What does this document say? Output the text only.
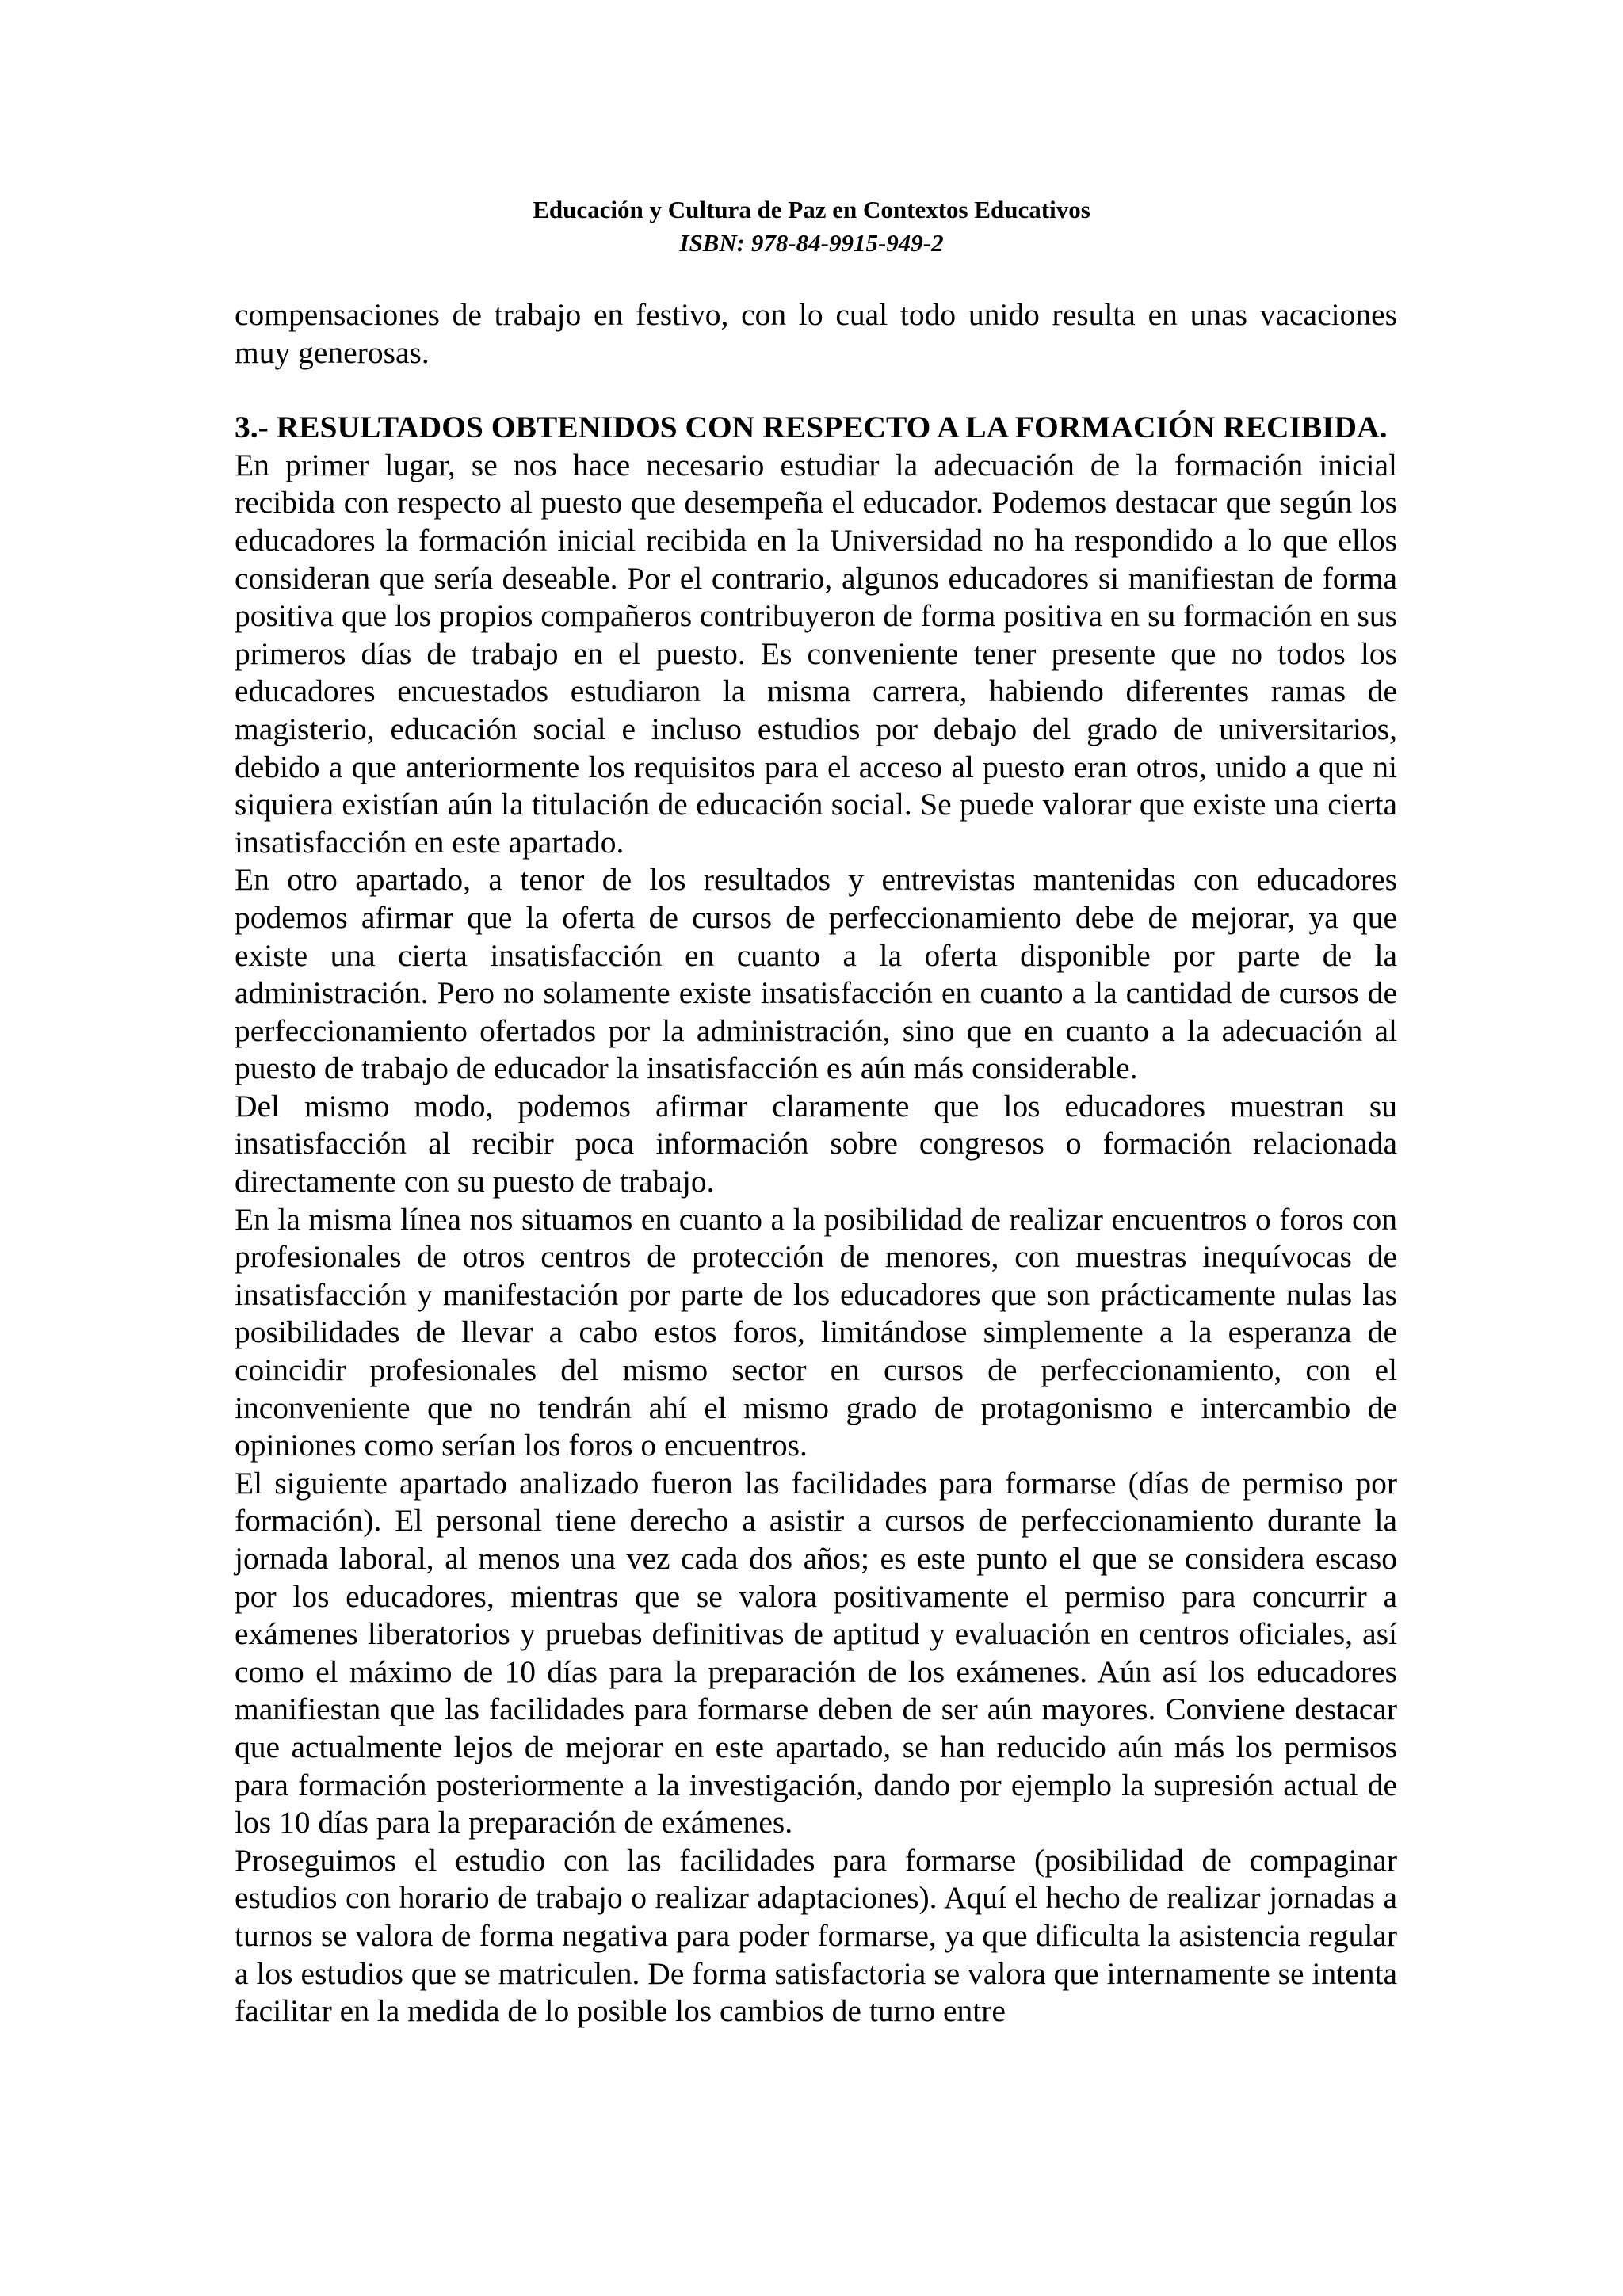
Educación y Cultura de Paz en Contextos Educativos
ISBN: 978-84-9915-949-2

compensaciones de trabajo en festivo, con lo cual todo unido resulta en unas vacaciones muy generosas.

3.- RESULTADOS OBTENIDOS CON RESPECTO A LA FORMACIÓN RECIBIDA.

En primer lugar, se nos hace necesario estudiar la adecuación de la formación inicial recibida con respecto al puesto que desempeña el educador. Podemos destacar que según los educadores la formación inicial recibida en la Universidad no ha respondido a lo que ellos consideran que sería deseable. Por el contrario, algunos educadores si manifiestan de forma positiva que los propios compañeros contribuyeron de forma positiva en su formación en sus primeros días de trabajo en el puesto. Es conveniente tener presente que no todos los educadores encuestados estudiaron la misma carrera, habiendo diferentes ramas de magisterio, educación social e incluso estudios por debajo del grado de universitarios, debido a que anteriormente los requisitos para el acceso al puesto eran otros, unido a que ni siquiera existían aún la titulación de educación social. Se puede valorar que existe una cierta insatisfacción en este apartado.

En otro apartado, a tenor de los resultados y entrevistas mantenidas con educadores podemos afirmar que la oferta de cursos de perfeccionamiento debe de mejorar, ya que existe una cierta insatisfacción en cuanto a la oferta disponible por parte de la administración. Pero no solamente existe insatisfacción en cuanto a la cantidad de cursos de perfeccionamiento ofertados por la administración, sino que en cuanto a la adecuación al puesto de trabajo de educador la insatisfacción es aún más considerable.

Del mismo modo, podemos afirmar claramente que los educadores muestran su insatisfacción al recibir poca información sobre congresos o formación relacionada directamente con su puesto de trabajo.

En la misma línea nos situamos en cuanto a la posibilidad de realizar encuentros o foros con profesionales de otros centros de protección de menores, con muestras inequívocas de insatisfacción y manifestación por parte de los educadores que son prácticamente nulas las posibilidades de llevar a cabo estos foros, limitándose simplemente a la esperanza de coincidir profesionales del mismo sector en cursos de perfeccionamiento, con el inconveniente que no tendrán ahí el mismo grado de protagonismo e intercambio de opiniones como serían los foros o encuentros.

El siguiente apartado analizado fueron las facilidades para formarse (días de permiso por formación). El personal tiene derecho a asistir a cursos de perfeccionamiento durante la jornada laboral, al menos una vez cada dos años; es este punto el que se considera escaso por los educadores, mientras que se valora positivamente el permiso para concurrir a exámenes liberatorios y pruebas definitivas de aptitud y evaluación en centros oficiales, así como el máximo de 10 días para la preparación de los exámenes. Aún así los educadores manifiestan que las facilidades para formarse deben de ser aún mayores. Conviene destacar que actualmente lejos de mejorar en este apartado, se han reducido aún más los permisos para formación posteriormente a la investigación, dando por ejemplo la supresión actual de los 10 días para la preparación de exámenes.

Proseguimos el estudio con las facilidades para formarse (posibilidad de compaginar estudios con horario de trabajo o realizar adaptaciones). Aquí el hecho de realizar jornadas a turnos se valora de forma negativa para poder formarse, ya que dificulta la asistencia regular a los estudios que se matriculen. De forma satisfactoria se valora que internamente se intenta facilitar en la medida de lo posible los cambios de turno entre
